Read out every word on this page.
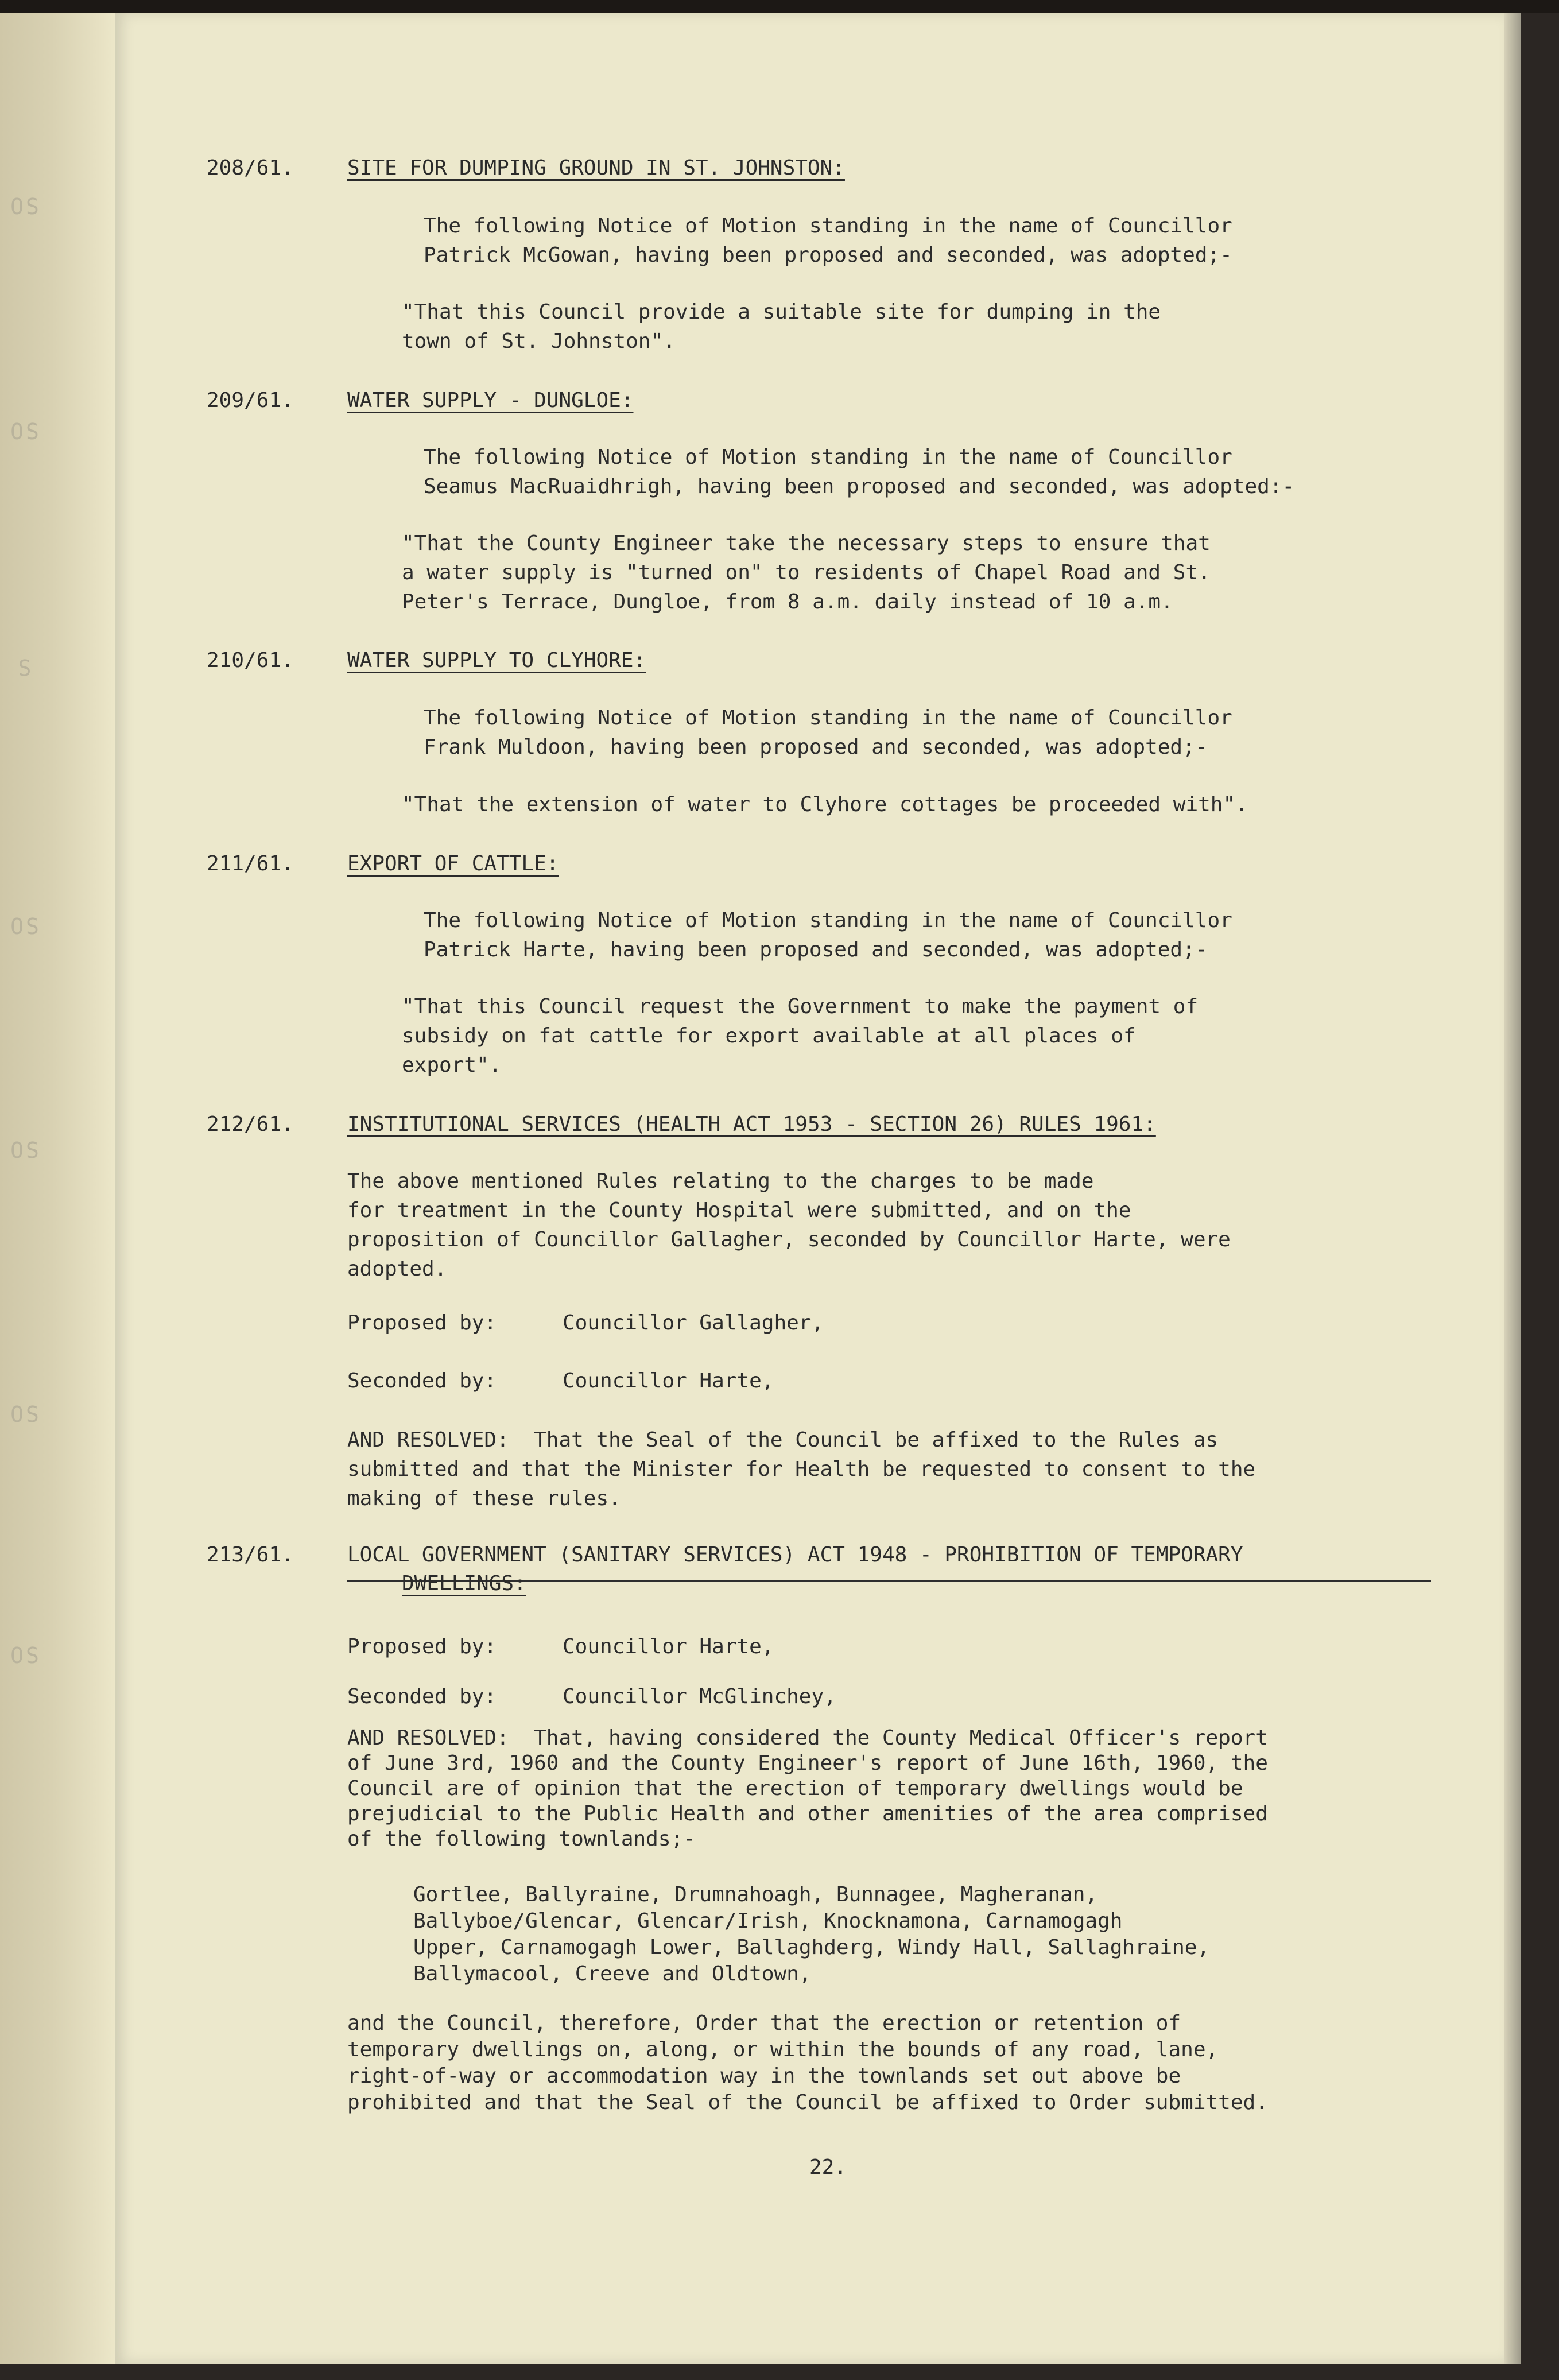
OS
OS
S
OS
OS
OS
OS
208/61.	SITE FOR DUMPING GROUND IN ST. JOHNSTON:
The following Notice of Motion standing in the name of Councillor
Patrick McGowan, having been proposed and seconded, was adopted;-
"That this Council provide a suitable site for dumping in the
town of St. Johnston".
209/61.	WATER SUPPLY - DUNGLOE:
The following Notice of Motion standing in the name of Councillor
Seamus MacRuaidhrigh, having been proposed and seconded, was adopted:-
"That the County Engineer take the necessary steps to ensure that
a water supply is "turned on" to residents of Chapel Road and St.
Peter's Terrace, Dungloe, from 8 a.m. daily instead of 10 a.m.
210/61.	WATER SUPPLY TO CLYHORE:
The following Notice of Motion standing in the name of Councillor
Frank Muldoon, having been proposed and seconded, was adopted;-
"That the extension of water to Clyhore cottages be proceeded with".
211/61.	EXPORT OF CATTLE:
The following Notice of Motion standing in the name of Councillor
Patrick Harte, having been proposed and seconded, was adopted;-
"That this Council request the Government to make the payment of
subsidy on fat cattle for export available at all places of
export".
212/61.	INSTITUTIONAL SERVICES (HEALTH ACT 1953 - SECTION 26) RULES 1961:
The above mentioned Rules relating to the charges to be made
for treatment in the County Hospital were submitted, and on the
proposition of Councillor Gallagher, seconded by Councillor Harte, were
adopted.
Proposed by:	Councillor Gallagher,
Seconded by:	Councillor Harte,
AND RESOLVED:  That the Seal of the Council be affixed to the Rules as
submitted and that the Minister for Health be requested to consent to the
making of these rules.
213/61.	LOCAL GOVERNMENT (SANITARY SERVICES) ACT 1948 - PROHIBITION OF TEMPORARY
DWELLINGS:
Proposed by:	Councillor Harte,
Seconded by:	Councillor McGlinchey,
AND RESOLVED:  That, having considered the County Medical Officer's report
of June 3rd, 1960 and the County Engineer's report of June 16th, 1960, the
Council are of opinion that the erection of temporary dwellings would be
prejudicial to the Public Health and other amenities of the area comprised
of the following townlands;-
Gortlee, Ballyraine, Drumnahoagh, Bunnagee, Magheranan,
Ballyboe/Glencar, Glencar/Irish, Knocknamona, Carnamogagh
Upper, Carnamogagh Lower, Ballaghderg, Windy Hall, Sallaghraine,
Ballymacool, Creeve and Oldtown,
and the Council, therefore, Order that the erection or retention of
temporary dwellings on, along, or within the bounds of any road, lane,
right-of-way or accommodation way in the townlands set out above be
prohibited and that the Seal of the Council be affixed to Order submitted.
22.
